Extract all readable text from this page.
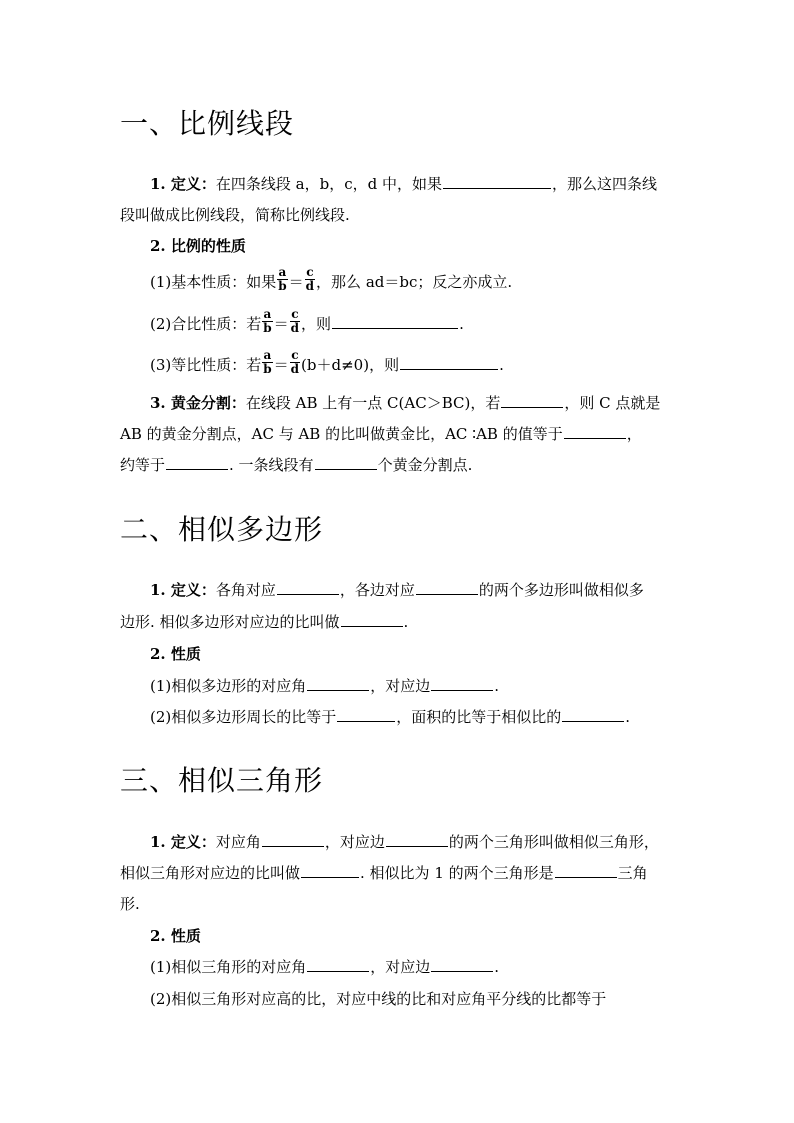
一、比例线段
1. 定义：在四条线段 a，b，c，d 中，如果	，那么这四条线
段叫做成比例线段，简称比例线段.
2. 比例的性质
(1)基本性质：如果 $\frac{a}{b} = \frac{c}{d}$ ，那么 ad＝bc；反之亦成立.
(2)合比性质：若 $\frac{a}{b} = \frac{c}{d}$ ，则	.
(3)等比性质：若 $\frac{a}{b} = \frac{c}{d} (b+d\ne 0)$，则	.
3. 黄金分割：在线段 AB 上有一点 C(AC＞BC)，若	，则 C 点就是
AB 的黄金分割点，AC 与 AB 的比叫做黄金比，AC ∶AB 的值等于	，
约等于	. 一条线段有	个黄金分割点.
二、相似多边形
1. 定义：各角对应	，各边对应	的两个多边形叫做相似多
边形. 相似多边形对应边的比叫做	.
2. 性质
(1)相似多边形的对应角	，对应边	.
(2)相似多边形周长的比等于	，面积的比等于相似比的	.
三、相似三角形
1. 定义：对应角	，对应边	的两个三角形叫做相似三角形，
相似三角形对应边的比叫做	. 相似比为 1 的两个三角形是	三角
形.
2. 性质
(1)相似三角形的对应角	，对应边	.
(2)相似三角形对应高的比，对应中线的比和对应角平分线的比都等于
